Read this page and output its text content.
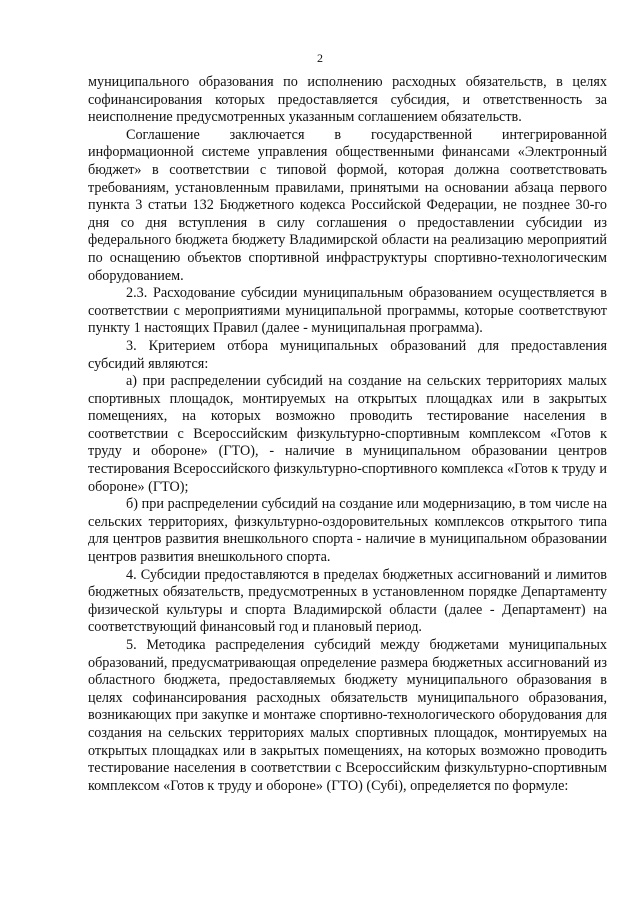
2

муниципального образования по исполнению расходных обязательств, в целях софинансирования которых предоставляется субсидия, и ответственность за неисполнение предусмотренных указанным соглашением обязательств.

Соглашение заключается в государственной интегрированной информационной системе управления общественными финансами «Электронный бюджет» в соответствии с типовой формой, которая должна соответствовать требованиям, установленным правилами, принятыми на основании абзаца первого пункта 3 статьи 132 Бюджетного кодекса Российской Федерации, не позднее 30-го дня со дня вступления в силу соглашения о предоставлении субсидии из федерального бюджета бюджету Владимирской области на реализацию мероприятий по оснащению объектов спортивной инфраструктуры спортивно-технологическим оборудованием.

2.3. Расходование субсидии муниципальным образованием осуществляется в соответствии с мероприятиями муниципальной программы, которые соответствуют пункту 1 настоящих Правил (далее - муниципальная программа).

3. Критерием отбора муниципальных образований для предоставления субсидий являются:

а) при распределении субсидий на создание на сельских территориях малых спортивных площадок, монтируемых на открытых площадках или в закрытых помещениях, на которых возможно проводить тестирование населения в соответствии с Всероссийским физкультурно-спортивным комплексом «Готов к труду и обороне» (ГТО), - наличие в муниципальном образовании центров тестирования Всероссийского физкультурно-спортивного комплекса «Готов к труду и обороне» (ГТО);

б) при распределении субсидий на создание или модернизацию, в том числе на сельских территориях, физкультурно-оздоровительных комплексов открытого типа для центров развития внешкольного спорта - наличие в муниципальном образовании центров развития внешкольного спорта.

4. Субсидии предоставляются в пределах бюджетных ассигнований и лимитов бюджетных обязательств, предусмотренных в установленном порядке Департаменту физической культуры и спорта Владимирской области (далее - Департамент) на соответствующий финансовый год и плановый период.

5. Методика распределения субсидий между бюджетами муниципальных образований, предусматривающая определение размера бюджетных ассигнований из областного бюджета, предоставляемых бюджету муниципального образования в целях софинансирования расходных обязательств муниципального образования, возникающих при закупке и монтаже спортивно-технологического оборудования для создания на сельских территориях малых спортивных площадок, монтируемых на открытых площадках или в закрытых помещениях, на которых возможно проводить тестирование населения в соответствии с Всероссийским физкультурно-спортивным комплексом «Готов к труду и обороне» (ГТО) (Субi), определяется по формуле:
